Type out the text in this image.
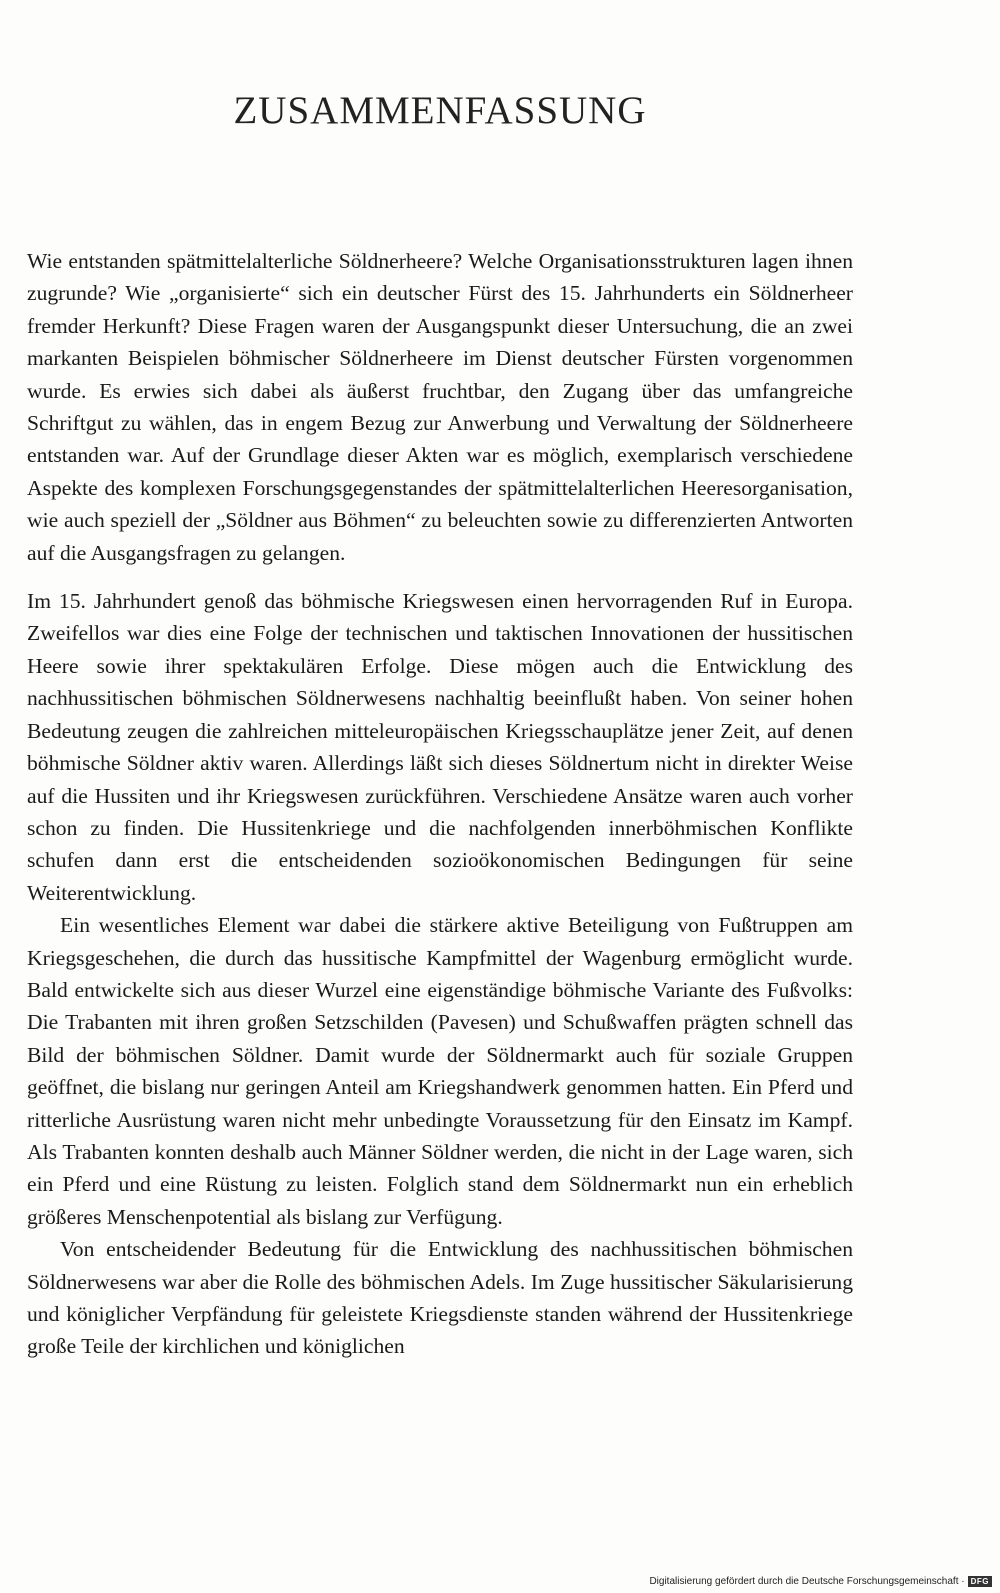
ZUSAMMENFASSUNG

Wie entstanden spätmittelalterliche Söldnerheere? Welche Organisationsstrukturen lagen ihnen zugrunde? Wie „organisierte“ sich ein deutscher Fürst des 15. Jahrhunderts ein Söldnerheer fremder Herkunft? Diese Fragen waren der Ausgangspunkt dieser Untersuchung, die an zwei markanten Beispielen böhmischer Söldnerheere im Dienst deutscher Fürsten vorgenommen wurde. Es erwies sich dabei als äußerst fruchtbar, den Zugang über das umfangreiche Schriftgut zu wählen, das in engem Bezug zur Anwerbung und Verwaltung der Söldnerheere entstanden war. Auf der Grundlage dieser Akten war es möglich, exemplarisch verschiedene Aspekte des komplexen Forschungsgegenstandes der spätmittelalterlichen Heeresorganisation, wie auch speziell der „Söldner aus Böhmen“ zu beleuchten sowie zu differenzierten Antworten auf die Ausgangsfragen zu gelangen.

Im 15. Jahrhundert genoß das böhmische Kriegswesen einen hervorragenden Ruf in Europa. Zweifellos war dies eine Folge der technischen und taktischen Innovationen der hussitischen Heere sowie ihrer spektakulären Erfolge. Diese mögen auch die Entwicklung des nachhussitischen böhmischen Söldnerwesens nachhaltig beeinflußt haben. Von seiner hohen Bedeutung zeugen die zahlreichen mitteleuropäischen Kriegsschauplätze jener Zeit, auf denen böhmische Söldner aktiv waren. Allerdings läßt sich dieses Söldnertum nicht in direkter Weise auf die Hussiten und ihr Kriegswesen zurückführen. Verschiedene Ansätze waren auch vorher schon zu finden. Die Hussitenkriege und die nachfolgenden innerböhmischen Konflikte schufen dann erst die entscheidenden sozioökonomischen Bedingungen für seine Weiterentwicklung.

Ein wesentliches Element war dabei die stärkere aktive Beteiligung von Fußtruppen am Kriegsgeschehen, die durch das hussitische Kampfmittel der Wagenburg ermöglicht wurde. Bald entwickelte sich aus dieser Wurzel eine eigenständige böhmische Variante des Fußvolks: Die Trabanten mit ihren großen Setzschilden (Pavesen) und Schußwaffen prägten schnell das Bild der böhmischen Söldner. Damit wurde der Söldnermarkt auch für soziale Gruppen geöffnet, die bislang nur geringen Anteil am Kriegshandwerk genommen hatten. Ein Pferd und ritterliche Ausrüstung waren nicht mehr unbedingte Voraussetzung für den Einsatz im Kampf. Als Trabanten konnten deshalb auch Männer Söldner werden, die nicht in der Lage waren, sich ein Pferd und eine Rüstung zu leisten. Folglich stand dem Söldnermarkt nun ein erheblich größeres Menschenpotential als bislang zur Verfügung.

Von entscheidender Bedeutung für die Entwicklung des nachhussitischen böhmischen Söldnerwesens war aber die Rolle des böhmischen Adels. Im Zuge hussitischer Säkularisierung und königlicher Verpfändung für geleistete Kriegsdienste standen während der Hussitenkriege große Teile der kirchlichen und königlichen

Digitalisierung gefördert durch die Deutsche Forschungsgemeinschaft · DFG
